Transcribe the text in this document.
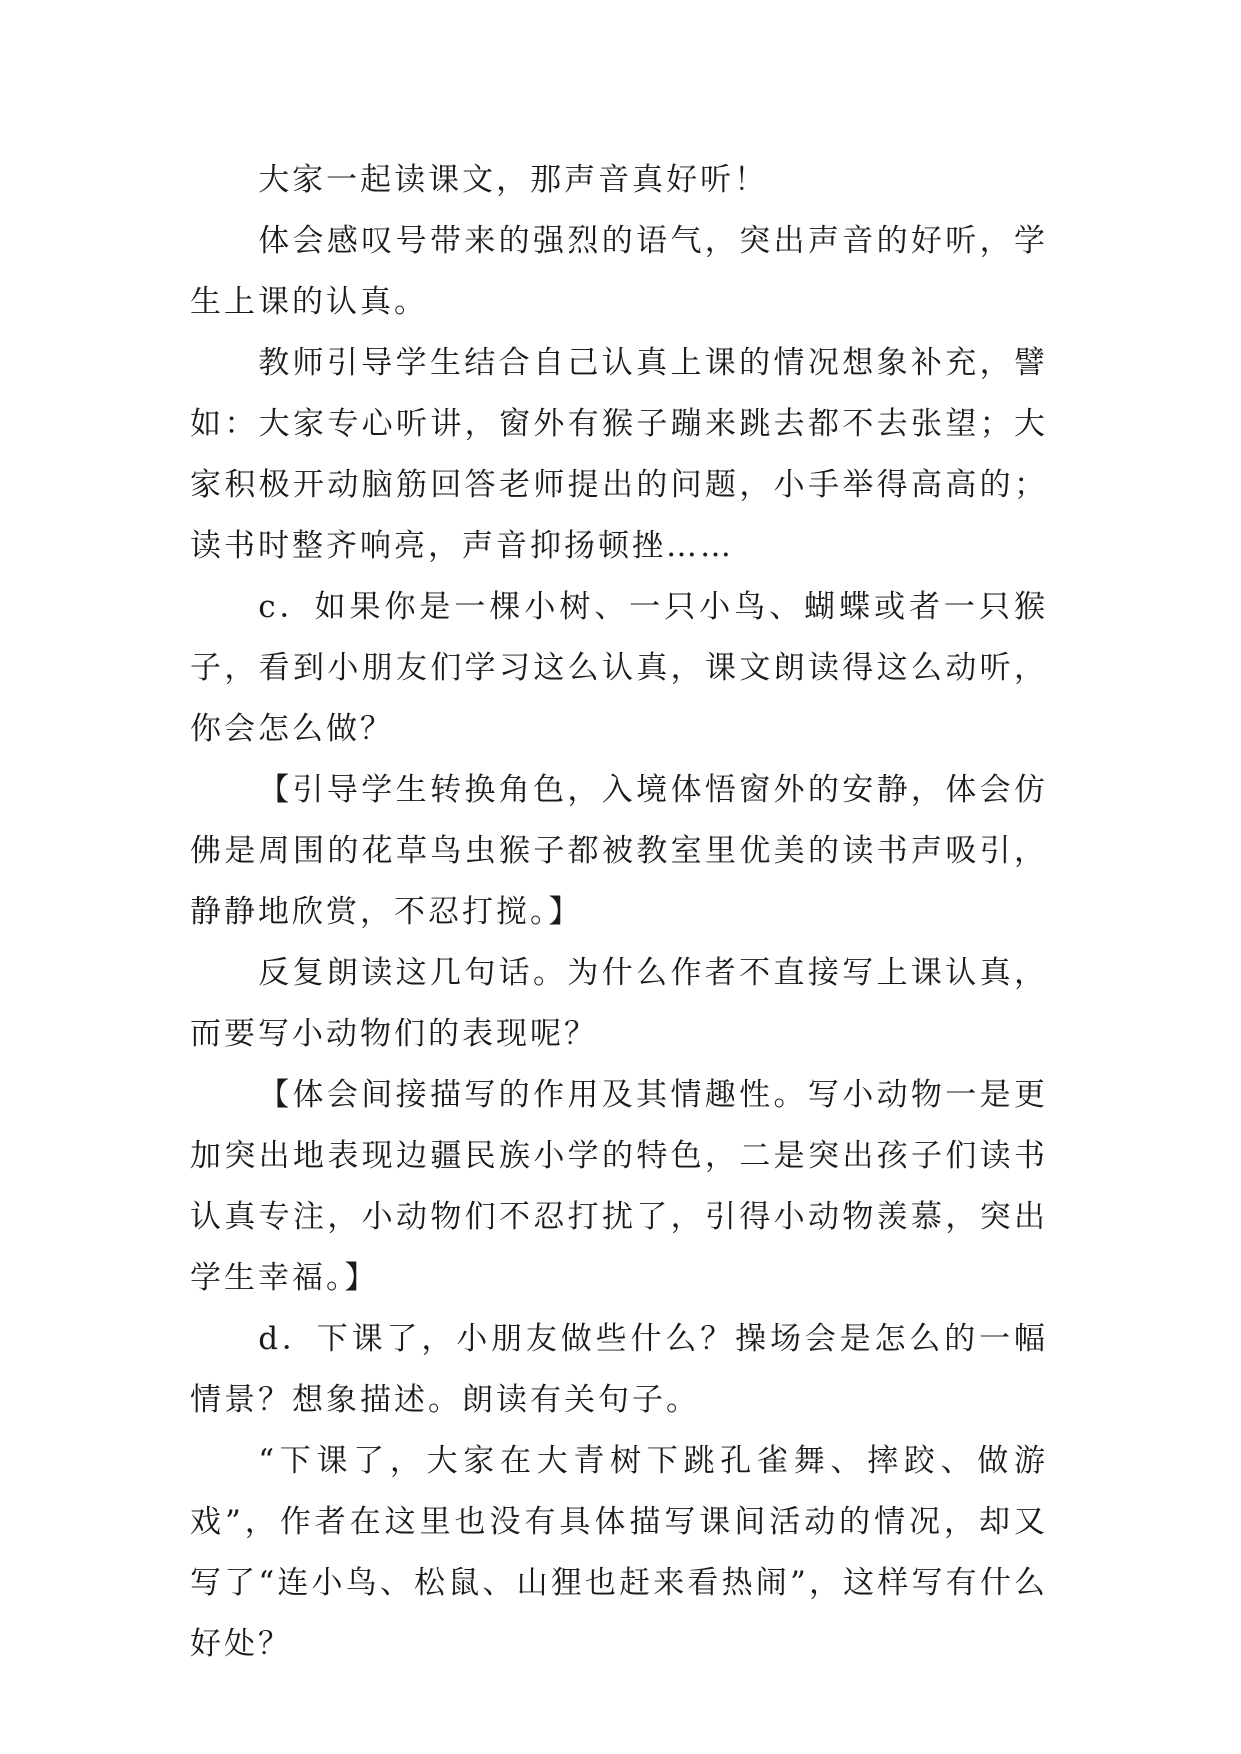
大家一起读课文，那声音真好听！

体会感叹号带来的强烈的语气，突出声音的好听，学生上课的认真。

教师引导学生结合自己认真上课的情况想象补充，譬如：大家专心听讲，窗外有猴子蹦来跳去都不去张望；大家积极开动脑筋回答老师提出的问题，小手举得高高的；读书时整齐响亮，声音抑扬顿挫……

c．如果你是一棵小树、一只小鸟、蝴蝶或者一只猴子，看到小朋友们学习这么认真，课文朗读得这么动听，你会怎么做？

【引导学生转换角色，入境体悟窗外的安静，体会仿佛是周围的花草鸟虫猴子都被教室里优美的读书声吸引，静静地欣赏，不忍打搅。】

反复朗读这几句话。为什么作者不直接写上课认真，而要写小动物们的表现呢？

【体会间接描写的作用及其情趣性。写小动物一是更加突出地表现边疆民族小学的特色，二是突出孩子们读书认真专注，小动物们不忍打扰了，引得小动物羡慕，突出学生幸福。】

d．下课了，小朋友做些什么？操场会是怎么的一幅情景？想象描述。朗读有关句子。

“下课了，大家在大青树下跳孔雀舞、摔跤、做游戏”，作者在这里也没有具体描写课间活动的情况，却又写了“连小鸟、松鼠、山狸也赶来看热闹”，这样写有什么好处？
